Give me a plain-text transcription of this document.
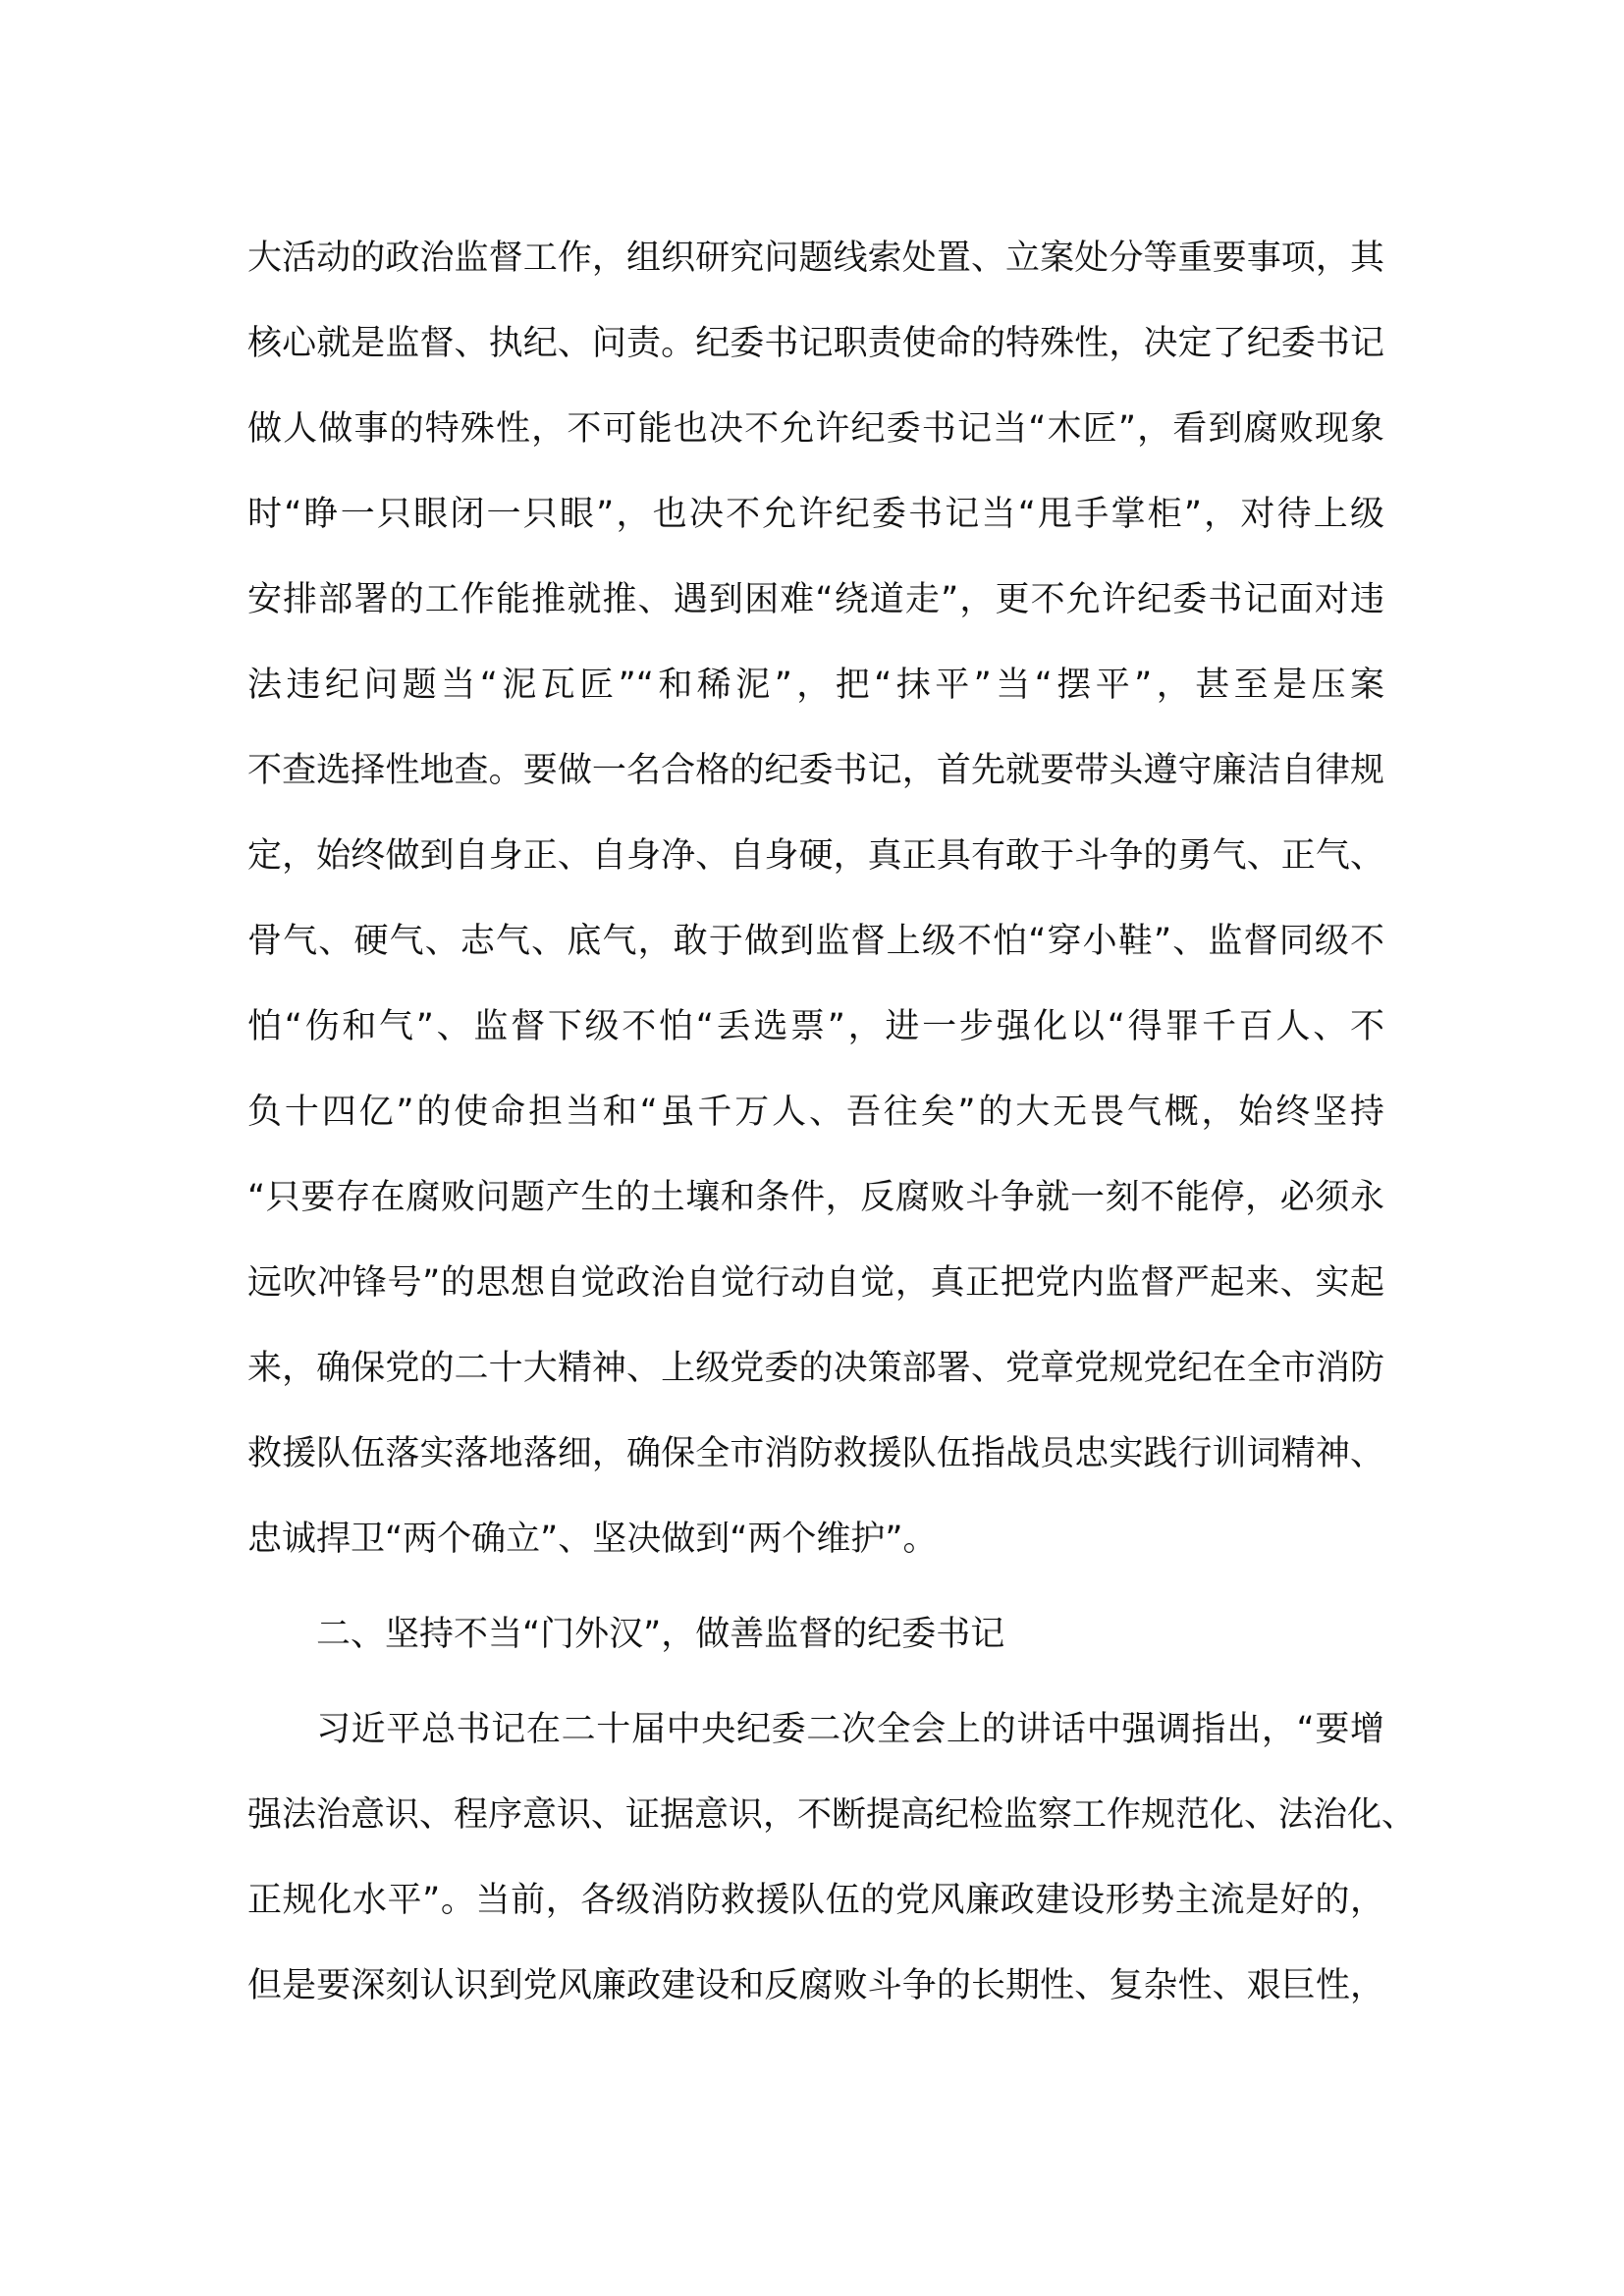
大活动的政治监督工作，组织研究问题线索处置、立案处分等重要事项，其
核心就是监督、执纪、问责。纪委书记职责使命的特殊性，决定了纪委书记
做人做事的特殊性，不可能也决不允许纪委书记当“木匠”，看到腐败现象
时“睁一只眼闭一只眼”，也决不允许纪委书记当“甩手掌柜”，对待上级
安排部署的工作能推就推、遇到困难“绕道走”，更不允许纪委书记面对违
法违纪问题当“泥瓦匠”“和稀泥”，把“抹平”当“摆平”，甚至是压案
不查选择性地查。要做一名合格的纪委书记，首先就要带头遵守廉洁自律规
定，始终做到自身正、自身净、自身硬，真正具有敢于斗争的勇气、正气、
骨气、硬气、志气、底气，敢于做到监督上级不怕“穿小鞋”、监督同级不
怕“伤和气”、监督下级不怕“丢选票”，进一步强化以“得罪千百人、不
负十四亿”的使命担当和“虽千万人、吾往矣”的大无畏气概，始终坚持
“只要存在腐败问题产生的土壤和条件，反腐败斗争就一刻不能停，必须永
远吹冲锋号”的思想自觉政治自觉行动自觉，真正把党内监督严起来、实起
来，确保党的二十大精神、上级党委的决策部署、党章党规党纪在全市消防
救援队伍落实落地落细，确保全市消防救援队伍指战员忠实践行训词精神、
忠诚捍卫“两个确立”、坚决做到“两个维护”。
二、坚持不当“门外汉”，做善监督的纪委书记
习近平总书记在二十届中央纪委二次全会上的讲话中强调指出，“要增
强法治意识、程序意识、证据意识，不断提高纪检监察工作规范化、法治化、
正规化水平”。当前，各级消防救援队伍的党风廉政建设形势主流是好的，
但是要深刻认识到党风廉政建设和反腐败斗争的长期性、复杂性、艰巨性，
